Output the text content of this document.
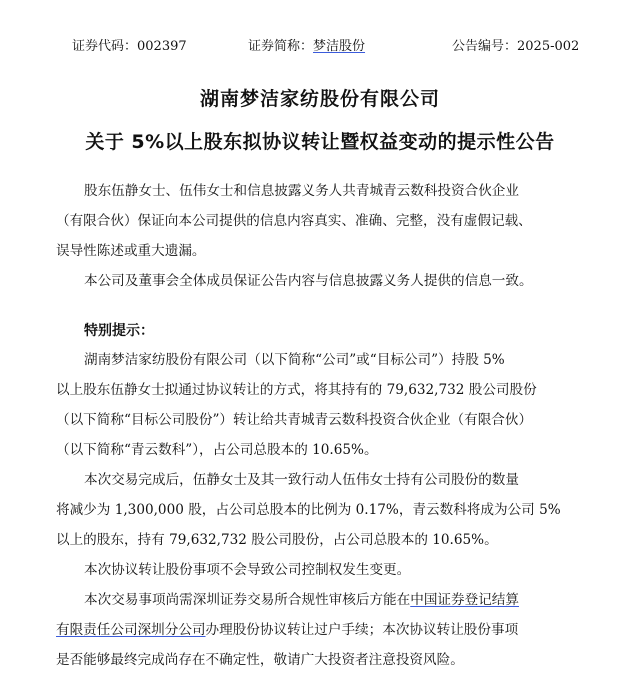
证券代码：002397	证券简称：梦洁股份	公告编号：2025-002
湖南梦洁家纺股份有限公司
关于 5%以上股东拟协议转让暨权益变动的提示性公告

股东伍静女士、伍伟女士和信息披露义务人共青城青云数科投资合伙企业
（有限合伙）保证向本公司提供的信息内容真实、准确、完整，没有虚假记载、
误导性陈述或重大遗漏。

本公司及董事会全体成员保证公告内容与信息披露义务人提供的信息一致。

特别提示：

湖南梦洁家纺股份有限公司（以下简称“公司”或“目标公司”）持股 5%
以上股东伍静女士拟通过协议转让的方式，将其持有的 79,632,732 股公司股份
（以下简称“目标公司股份”）转让给共青城青云数科投资合伙企业（有限合伙）
（以下简称“青云数科”），占公司总股本的 10.65%。

本次交易完成后，伍静女士及其一致行动人伍伟女士持有公司股份的数量
将减少为 1,300,000 股，占公司总股本的比例为 0.17%，青云数科将成为公司 5%
以上的股东，持有 79,632,732 股公司股份，占公司总股本的 10.65%。

本次协议转让股份事项不会导致公司控制权发生变更。

本次交易事项尚需深圳证券交易所合规性审核后方能在中国证券登记结算
有限责任公司深圳分公司办理股份协议转让过户手续；本次协议转让股份事项
是否能够最终完成尚存在不确定性，敬请广大投资者注意投资风险。
